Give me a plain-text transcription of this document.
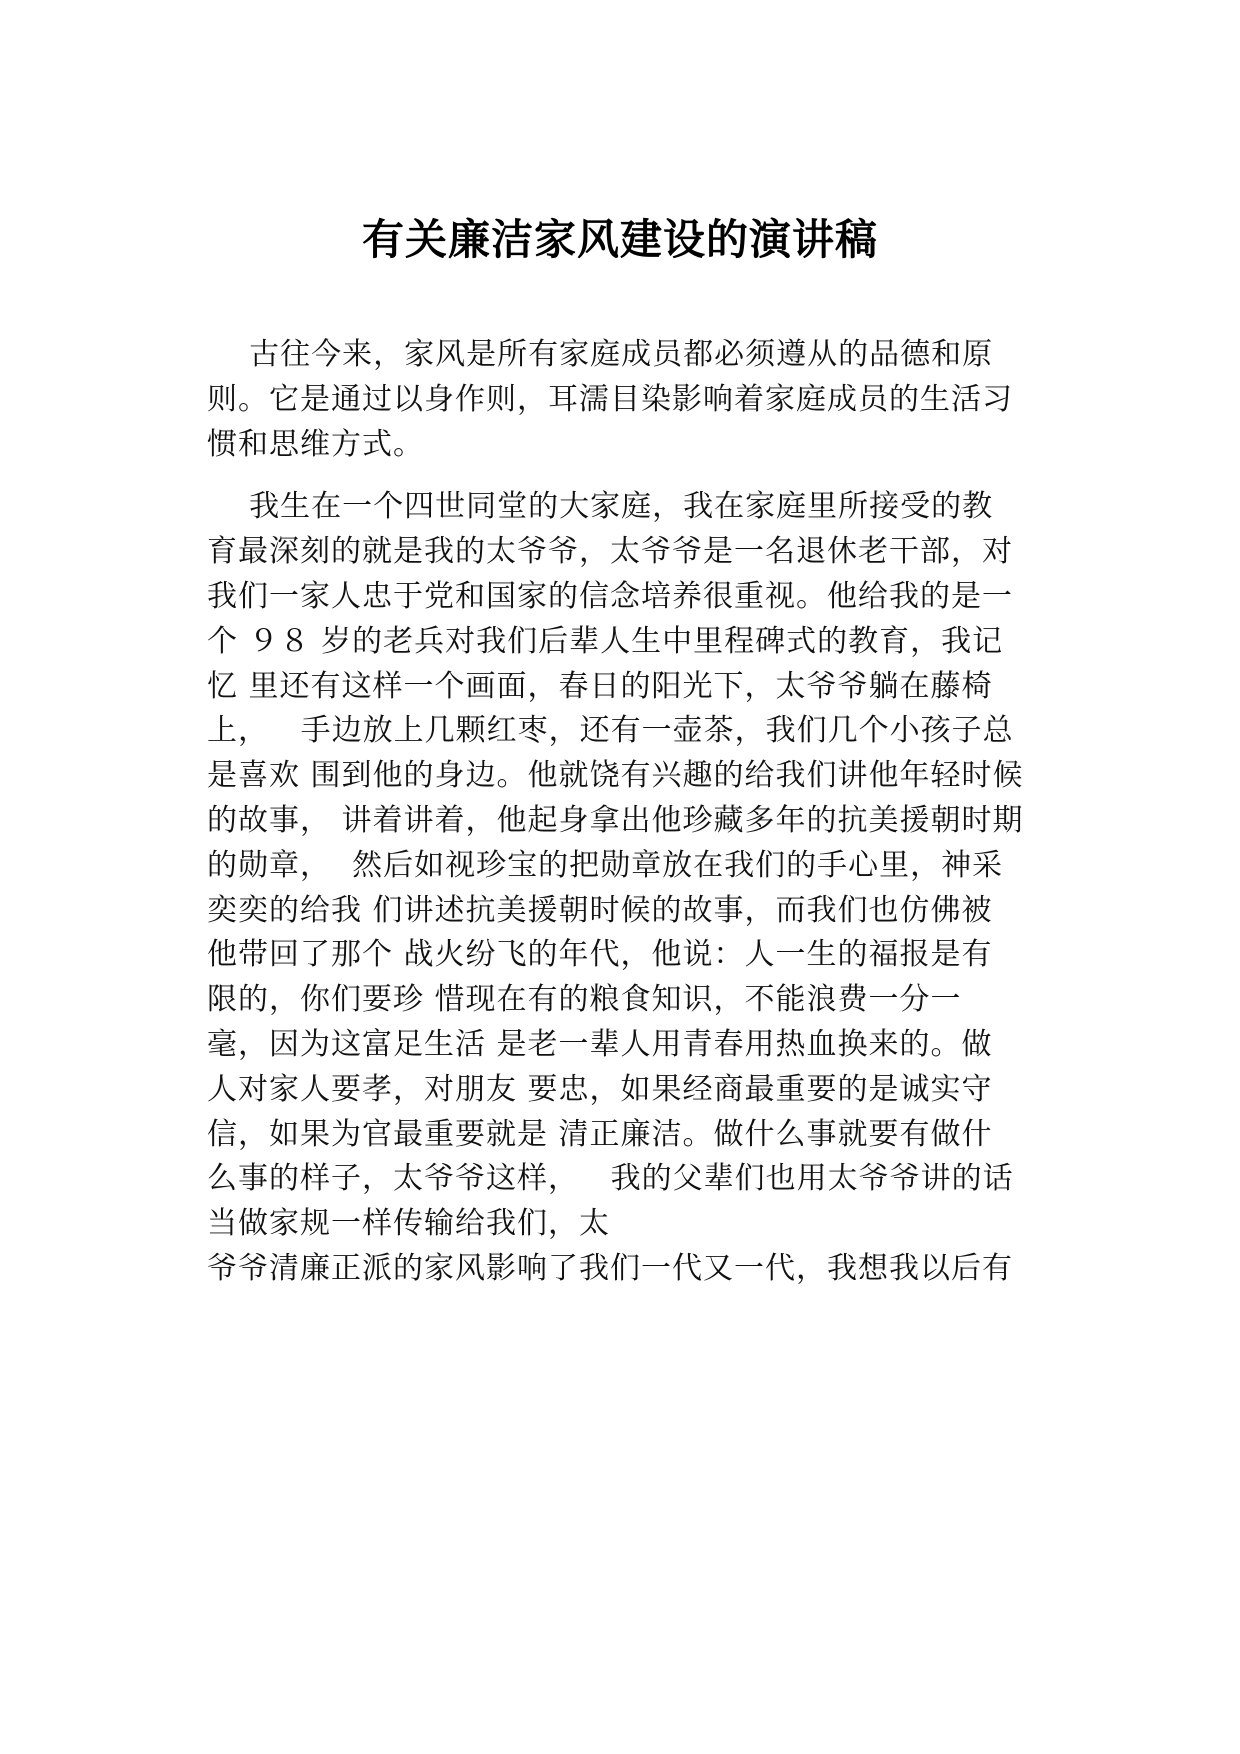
有关廉洁家风建设的演讲稿
古往今来，家风是所有家庭成员都必须遵从的品德和原
则。它是通过以身作则，耳濡目染影响着家庭成员的生活习
惯和思维方式。
我生在一个四世同堂的大家庭，我在家庭里所接受的教
育最深刻的就是我的太爷爷，太爷爷是一名退休老干部，对
我们一家人忠于党和国家的信念培养很重视。他给我的是一
个 ９８ 岁的老兵对我们后辈人生中里程碑式的教育，我记
忆 里还有这样一个画面，春日的阳光下，太爷爷躺在藤椅
上，   手边放上几颗红枣，还有一壶茶，我们几个小孩子总
是喜欢 围到他的身边。他就饶有兴趣的给我们讲他年轻时候
的故事， 讲着讲着，他起身拿出他珍藏多年的抗美援朝时期
的勋章，  然后如视珍宝的把勋章放在我们的手心里，神采
奕奕的给我 们讲述抗美援朝时候的故事，而我们也仿佛被
他带回了那个 战火纷飞的年代，他说：人一生的福报是有
限的，你们要珍 惜现在有的粮食知识，不能浪费一分一
毫，因为这富足生活 是老一辈人用青春用热血换来的。做
人对家人要孝，对朋友 要忠，如果经商最重要的是诚实守
信，如果为官最重要就是 清正廉洁。做什么事就要有做什
么事的样子，太爷爷这样，   我的父辈们也用太爷爷讲的话
当做家规一样传输给我们，太
爷爷清廉正派的家风影响了我们一代又一代，我想我以后有
